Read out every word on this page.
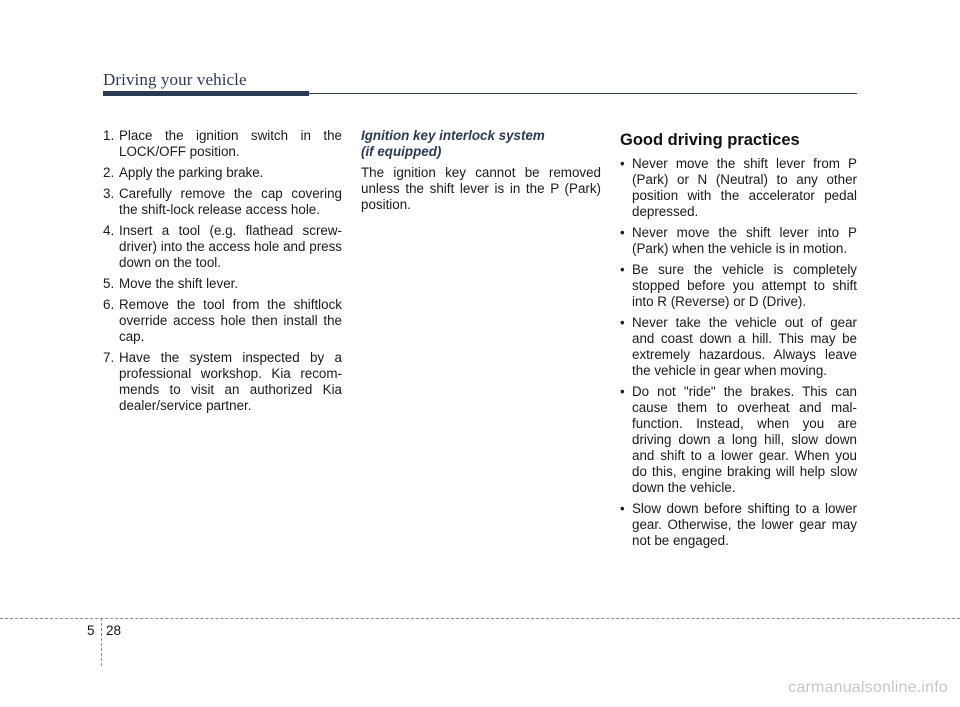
Driving your vehicle
1. Place the ignition switch in the LOCK/OFF position.
2. Apply the parking brake.
3. Carefully remove the cap covering the shift-lock release access hole.
4. Insert a tool (e.g. flathead screw-driver) into the access hole and press down on the tool.
5. Move the shift lever.
6. Remove the tool from the shiftlock override access hole then install the cap.
7. Have the system inspected by a professional workshop. Kia recom-mends to visit an authorized Kia dealer/service partner.
Ignition key interlock system
(if equipped)

The ignition key cannot be removed unless the shift lever is in the P (Park) position.

Good driving practices
• Never move the shift lever from P (Park) or N (Neutral) to any other position with the accelerator pedal depressed.
• Never move the shift lever into P (Park) when the vehicle is in motion.
• Be sure the vehicle is completely stopped before you attempt to shift into R (Reverse) or D (Drive).
• Never take the vehicle out of gear and coast down a hill. This may be extremely hazardous. Always leave the vehicle in gear when moving.
• Do not "ride" the brakes. This can cause them to overheat and mal-function. Instead, when you are driving down a long hill, slow down and shift to a lower gear. When you do this, engine braking will help slow down the vehicle.
• Slow down before shifting to a lower gear. Otherwise, the lower gear may not be engaged.
5 28
carmanualsonline.info
